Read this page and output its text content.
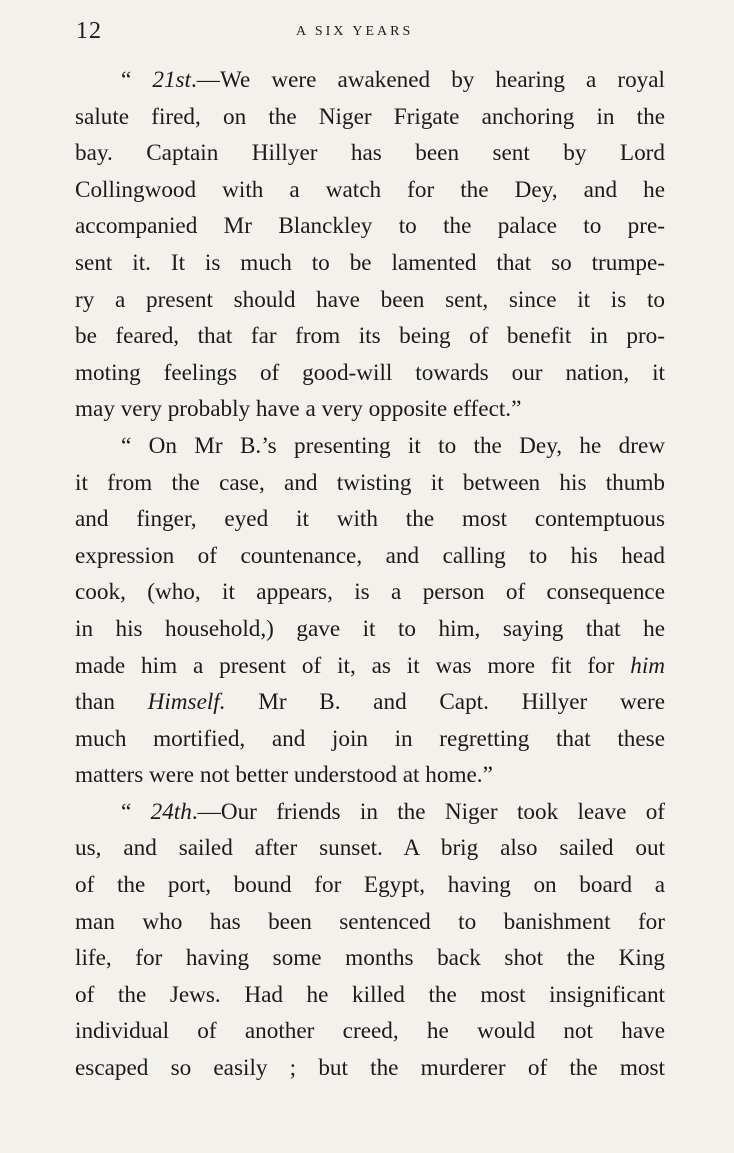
12	A SIX YEARS
“ 21st.—We were awakened by hearing a royal
salute fired, on the Niger Frigate anchoring in the
bay. Captain Hillyer has been sent by Lord
Collingwood with a watch for the Dey, and he
accompanied Mr Blanckley to the palace to pre-
sent it. It is much to be lamented that so trumpe-
ry a present should have been sent, since it is to
be feared, that far from its being of benefit in pro-
moting feelings of good-will towards our nation, it
may very probably have a very opposite effect.”
“ On Mr B.’s presenting it to the Dey, he drew
it from the case, and twisting it between his thumb
and finger, eyed it with the most contemptuous
expression of countenance, and calling to his head
cook, (who, it appears, is a person of consequence
in his household,) gave it to him, saying that he
made him a present of it, as it was more fit for him
than Himself. Mr B. and Capt. Hillyer were
much mortified, and join in regretting that these
matters were not better understood at home.”
“ 24th.—Our friends in the Niger took leave of
us, and sailed after sunset. A brig also sailed out
of the port, bound for Egypt, having on board a
man who has been sentenced to banishment for
life, for having some months back shot the King
of the Jews. Had he killed the most insignificant
individual of another creed, he would not have
escaped so easily ; but the murderer of the most
